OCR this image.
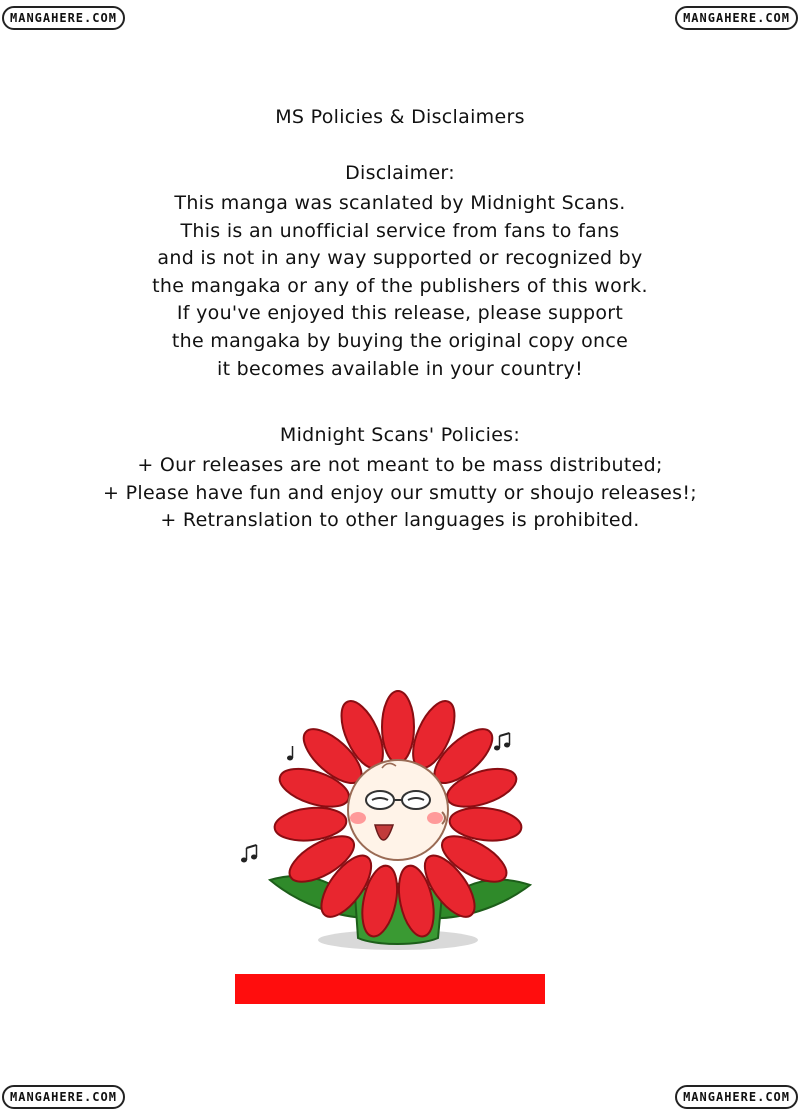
MANGAHERE.COM	MANGAHERE.COM
MS Policies & Disclaimers
Disclaimer:
This manga was scanlated by Midnight Scans.
This is an unofficial service from fans to fans
and is not in any way supported or recognized by
the mangaka or any of the publishers of this work.
If you've enjoyed this release, please support
the mangaka by buying the original copy once
it becomes available in your country!
Midnight Scans' Policies:
+ Our releases are not meant to be mass distributed;
+ Please have fun and enjoy our smutty or shoujo releases!;
+ Retranslation to other languages is prohibited.
MANGAHERE.COM	MANGAHERE.COM
